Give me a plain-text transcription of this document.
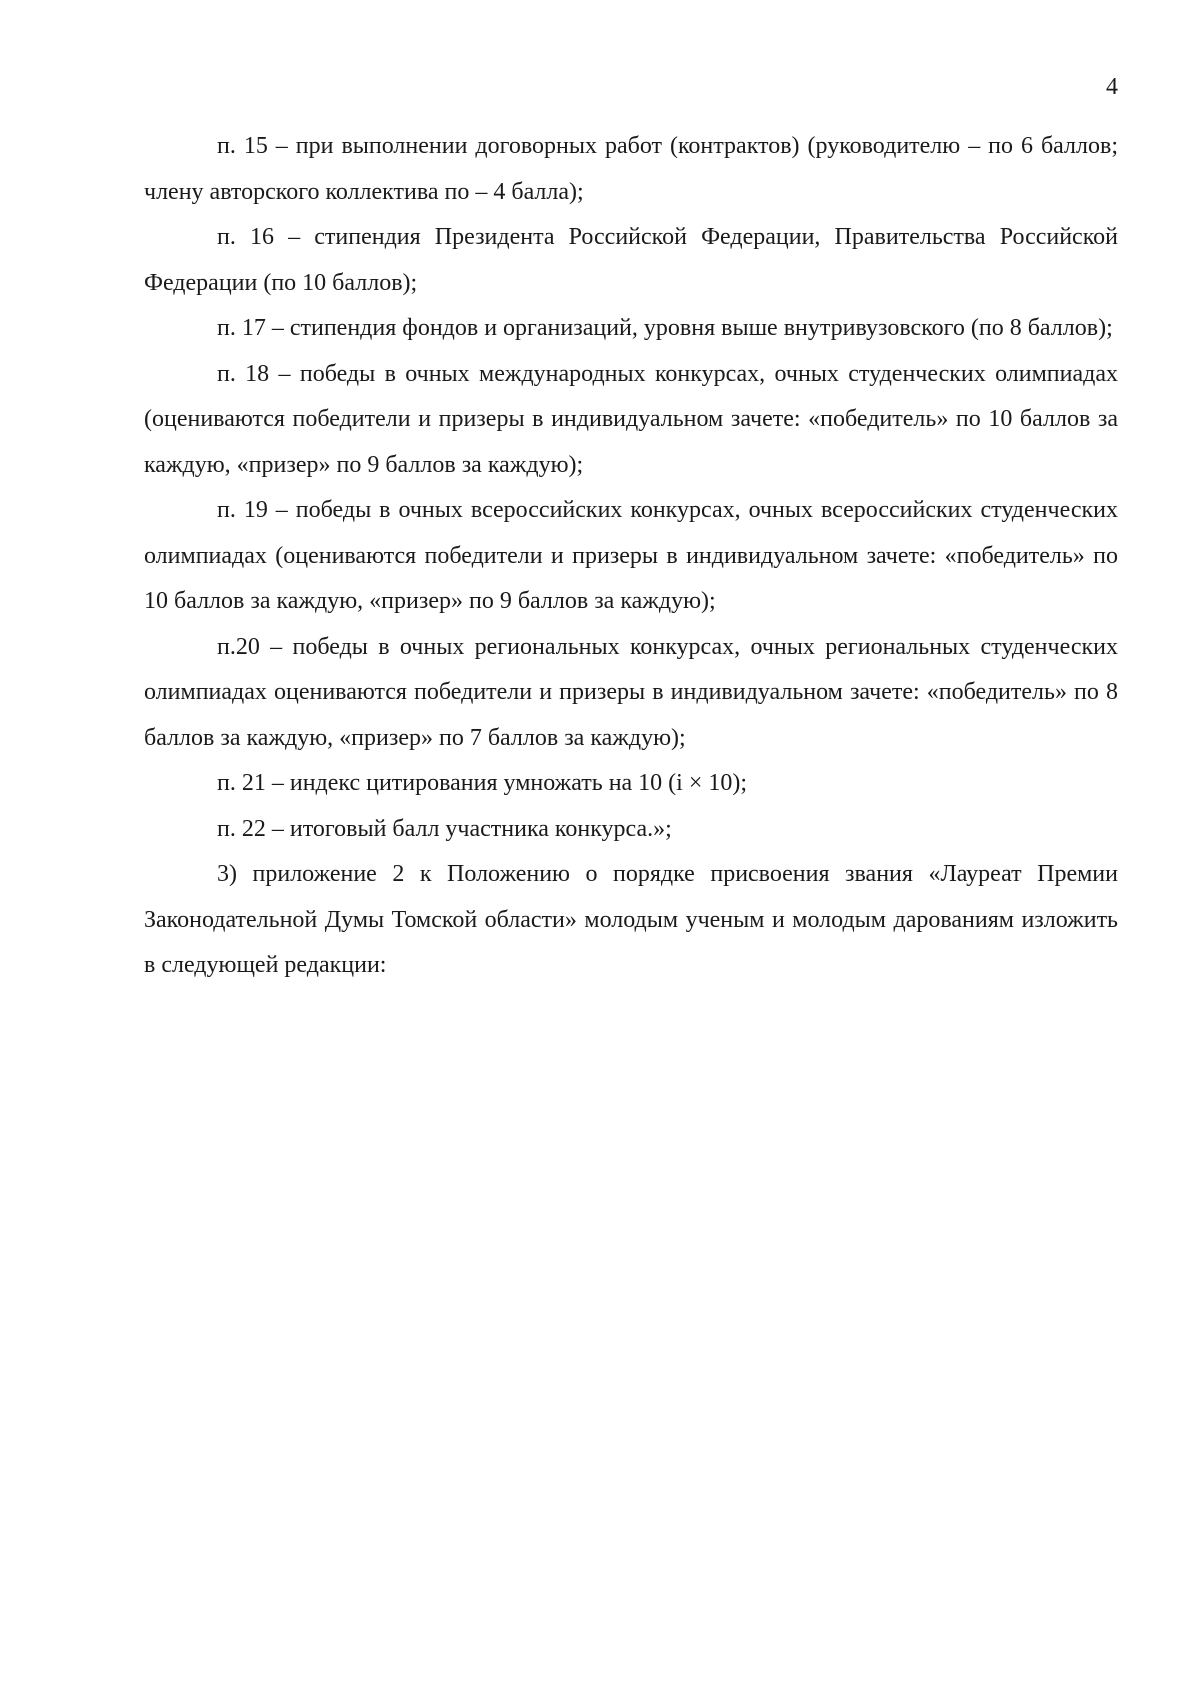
4

п. 15 – при выполнении договорных работ (контрактов) (руководителю – по 6 баллов; члену авторского коллектива по – 4 балла);

п. 16 – стипендия Президента Российской Федерации, Правительства Российской Федерации (по 10 баллов);

п. 17 – стипендия фондов и организаций, уровня выше внутривузовского (по 8 баллов);

п. 18 – победы в очных международных конкурсах, очных студенческих олимпиадах (оцениваются победители и призеры в индивидуальном зачете: «победитель» по 10 баллов за каждую, «призер» по 9 баллов за каждую);

п. 19 – победы в очных всероссийских конкурсах, очных всероссийских студенческих олимпиадах (оцениваются победители и призеры в индивидуальном зачете: «победитель» по 10 баллов за каждую, «призер» по 9 баллов за каждую);

п.20 – победы в очных региональных конкурсах, очных региональных студенческих олимпиадах оцениваются победители и призеры в индивидуальном зачете: «победитель» по 8 баллов за каждую, «призер» по 7 баллов за каждую);

п. 21 – индекс цитирования умножать на 10 (i × 10);

п. 22 – итоговый балл участника конкурса.»;

3) приложение 2 к Положению о порядке присвоения звания «Лауреат Премии Законодательной Думы Томской области» молодым ученым и молодым дарованиям изложить в следующей редакции:
